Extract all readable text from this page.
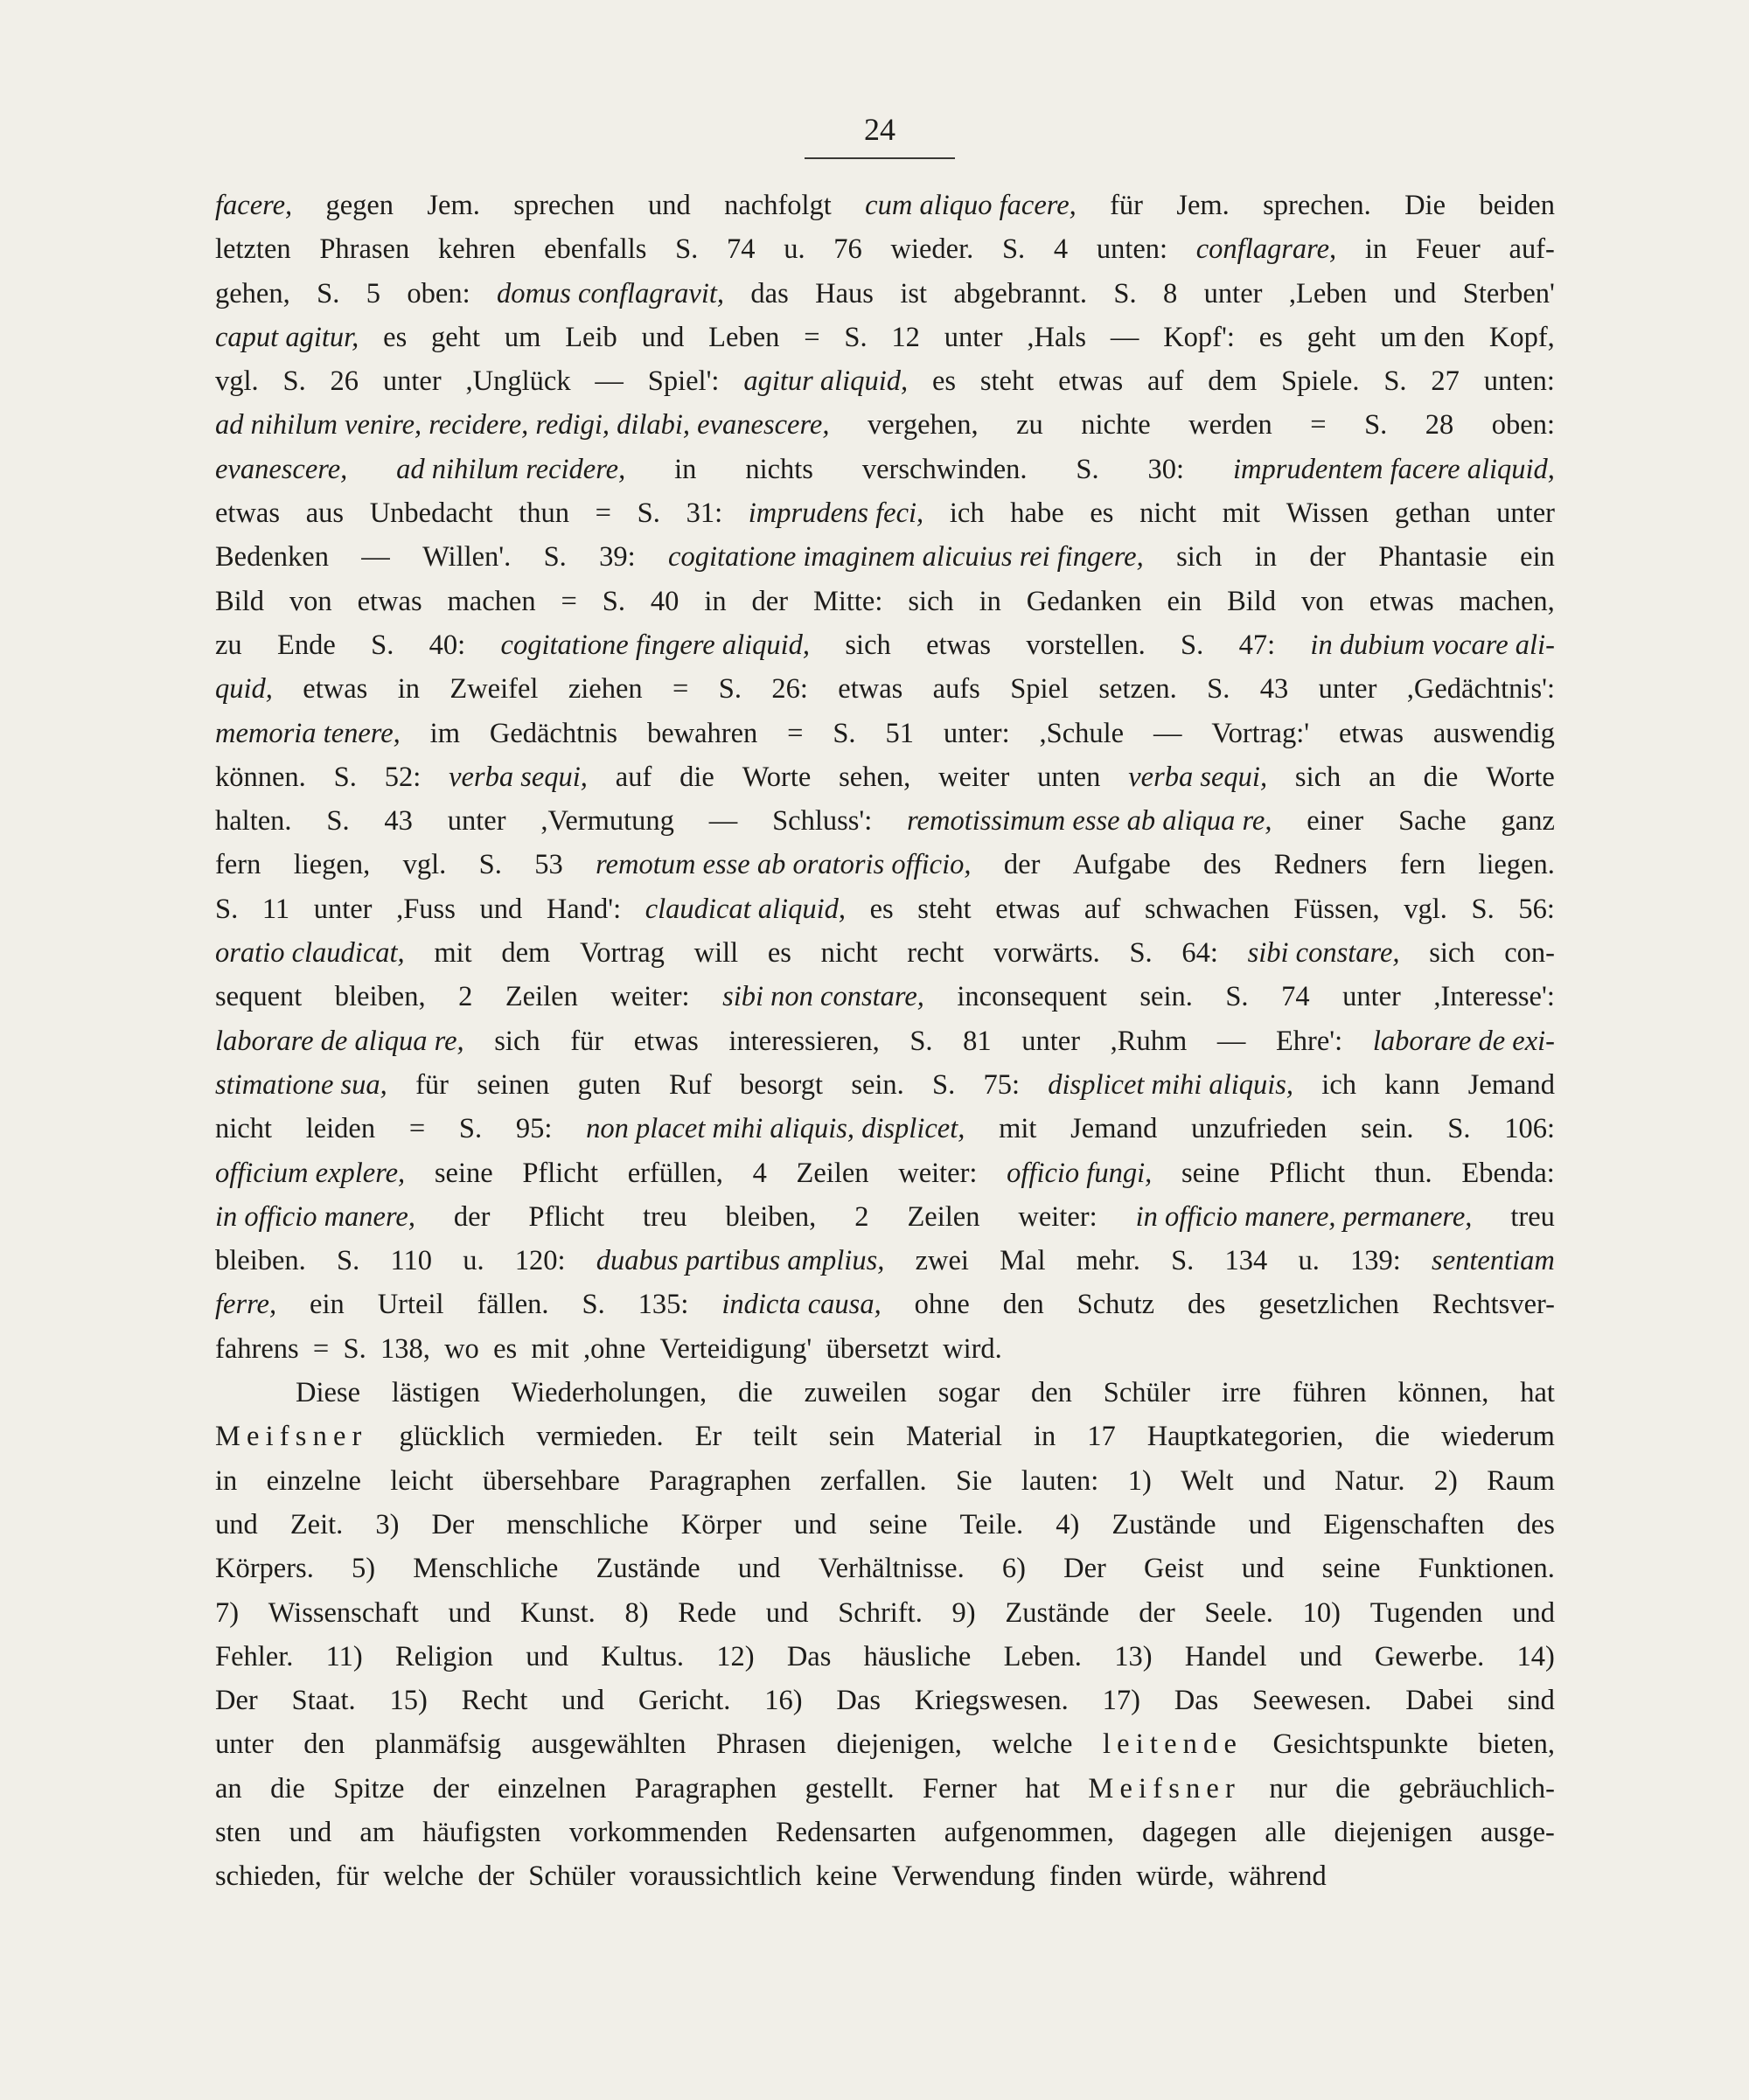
24
facere, gegen Jem. sprechen und nachfolgt cum aliquo facere, für Jem. sprechen. Die beiden
letzten Phrasen kehren ebenfalls S. 74 u. 76 wieder. S. 4 unten: conflagrare, in Feuer auf-
gehen, S. 5 oben: domus conflagravit, das Haus ist abgebrannt. S. 8 unter ,Leben und Sterben'
caput agitur, es geht um Leib und Leben = S. 12 unter ,Hals — Kopf': es geht um den Kopf,
vgl. S. 26 unter ,Unglück — Spiel': agitur aliquid, es steht etwas auf dem Spiele. S. 27 unten:
ad nihilum venire, recidere, redigi, dilabi, evanescere, vergehen, zu nichte werden = S. 28 oben:
evanescere, ad nihilum recidere, in nichts verschwinden. S. 30: imprudentem facere aliquid,
etwas aus Unbedacht thun = S. 31: imprudens feci, ich habe es nicht mit Wissen gethan unter
Bedenken — Willen'. S. 39: cogitatione imaginem alicuius rei fingere, sich in der Phantasie ein
Bild von etwas machen = S. 40 in der Mitte: sich in Gedanken ein Bild von etwas machen,
zu Ende S. 40: cogitatione fingere aliquid, sich etwas vorstellen. S. 47: in dubium vocare ali-
quid, etwas in Zweifel ziehen = S. 26: etwas aufs Spiel setzen. S. 43 unter ,Gedächtnis':
memoria tenere, im Gedächtnis bewahren = S. 51 unter: ,Schule — Vortrag:' etwas auswendig
können. S. 52: verba sequi, auf die Worte sehen, weiter unten verba sequi, sich an die Worte
halten. S. 43 unter ,Vermutung — Schluss': remotissimum esse ab aliqua re, einer Sache ganz
fern liegen, vgl. S. 53 remotum esse ab oratoris officio, der Aufgabe des Redners fern liegen.
S. 11 unter ,Fuss und Hand': claudicat aliquid, es steht etwas auf schwachen Füssen, vgl. S. 56:
oratio claudicat, mit dem Vortrag will es nicht recht vorwärts. S. 64: sibi constare, sich con-
sequent bleiben, 2 Zeilen weiter: sibi non constare, inconsequent sein. S. 74 unter ,Interesse':
laborare de aliqua re, sich für etwas interessieren, S. 81 unter ,Ruhm — Ehre': laborare de exi-
stimatione sua, für seinen guten Ruf besorgt sein. S. 75: displicet mihi aliquis, ich kann Jemand
nicht leiden = S. 95: non placet mihi aliquis, displicet, mit Jemand unzufrieden sein. S. 106:
officium explere, seine Pflicht erfüllen, 4 Zeilen weiter: officio fungi, seine Pflicht thun. Ebenda:
in officio manere, der Pflicht treu bleiben, 2 Zeilen weiter: in officio manere, permanere, treu
bleiben. S. 110 u. 120: duabus partibus amplius, zwei Mal mehr. S. 134 u. 139: sententiam
ferre, ein Urteil fällen. S. 135: indicta causa, ohne den Schutz des gesetzlichen Rechtsver-
fahrens = S. 138, wo es mit ,ohne Verteidigung' übersetzt wird.
Diese lästigen Wiederholungen, die zuweilen sogar den Schüler irre führen können, hat
Meifsner glücklich vermieden. Er teilt sein Material in 17 Hauptkategorien, die wiederum
in einzelne leicht übersehbare Paragraphen zerfallen. Sie lauten: 1) Welt und Natur. 2) Raum
und Zeit. 3) Der menschliche Körper und seine Teile. 4) Zustände und Eigenschaften des
Körpers. 5) Menschliche Zustände und Verhältnisse. 6) Der Geist und seine Funktionen.
7) Wissenschaft und Kunst. 8) Rede und Schrift. 9) Zustände der Seele. 10) Tugenden und
Fehler. 11) Religion und Kultus. 12) Das häusliche Leben. 13) Handel und Gewerbe. 14)
Der Staat. 15) Recht und Gericht. 16) Das Kriegswesen. 17) Das Seewesen. Dabei sind
unter den planmäfsig ausgewählten Phrasen diejenigen, welche leitende Gesichtspunkte bieten,
an die Spitze der einzelnen Paragraphen gestellt. Ferner hat Meifsner nur die gebräuchlich-
sten und am häufigsten vorkommenden Redensarten aufgenommen, dagegen alle diejenigen ausge-
schieden, für welche der Schüler voraussichtlich keine Verwendung finden würde, während
